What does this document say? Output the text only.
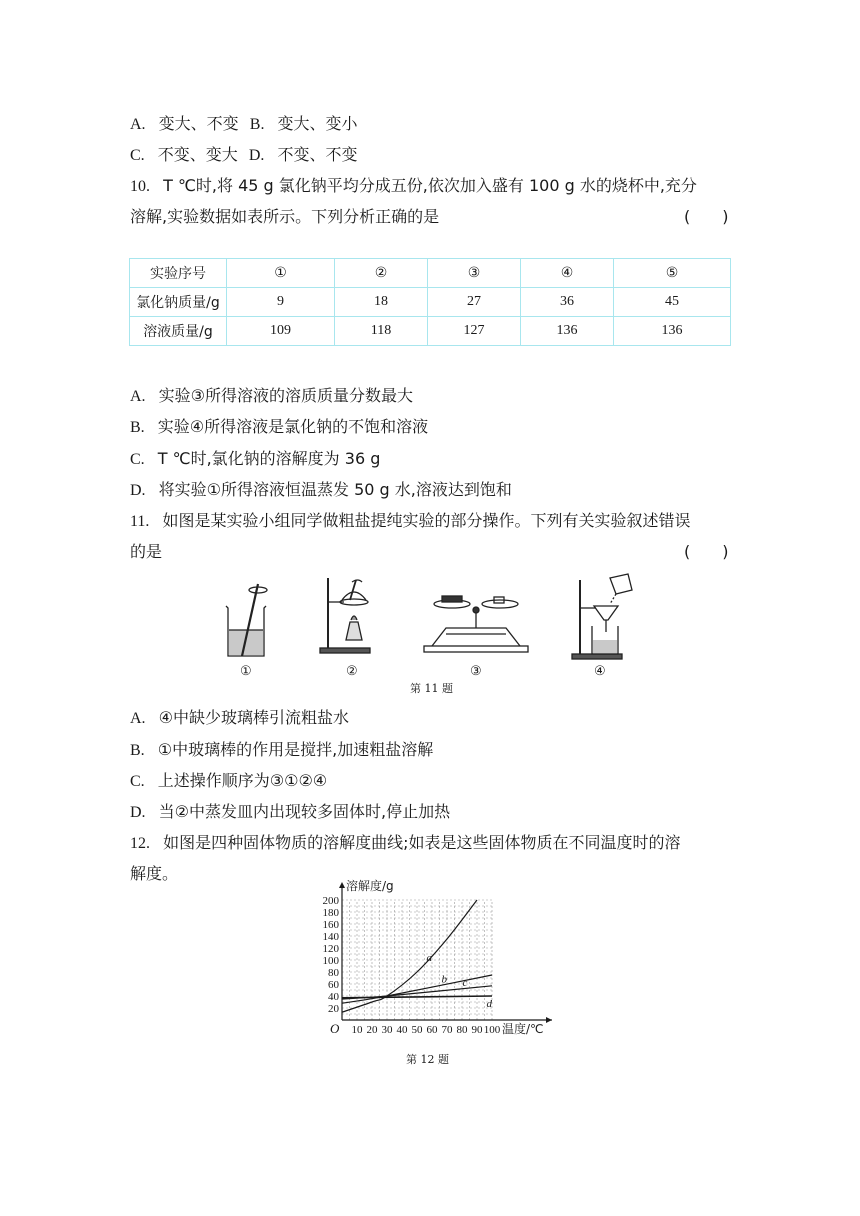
A. 变大、不变 B. 变大、变小
C. 不变、变大 D. 不变、不变
10. T ℃时,将 45 g 氯化钠平均分成五份,依次加入盛有 100 g 水的烧杯中,充分
溶解,实验数据如表所示。下列分析正确的是	(　　)
实验序号	①	②	③	④	⑤
氯化钠质量/g	9	18	27	36	45
溶液质量/g	109	118	127	136	136
A. 实验③所得溶液的溶质质量分数最大
B. 实验④所得溶液是氯化钠的不饱和溶液
C. T ℃时,氯化钠的溶解度为 36 g
D. 将实验①所得溶液恒温蒸发 50 g 水,溶液达到饱和
11. 如图是某实验小组同学做粗盐提纯实验的部分操作。下列有关实验叙述错误
的是	(　　)
①	②	③	④
第 11 题
A. ④中缺少玻璃棒引流粗盐水
B. ①中玻璃棒的作用是搅拌,加速粗盐溶解
C. 上述操作顺序为③①②④
D. 当②中蒸发皿内出现较多固体时,停止加热
12. 如图是四种固体物质的溶解度曲线;如表是这些固体物质在不同温度时的溶
解度。
10 20 30 40 50 60 70 80 90 100
20
40
60
80
100
120
140
160
180
200
a
b c
d
溶解度/g
温度/℃
O
第 12 题
